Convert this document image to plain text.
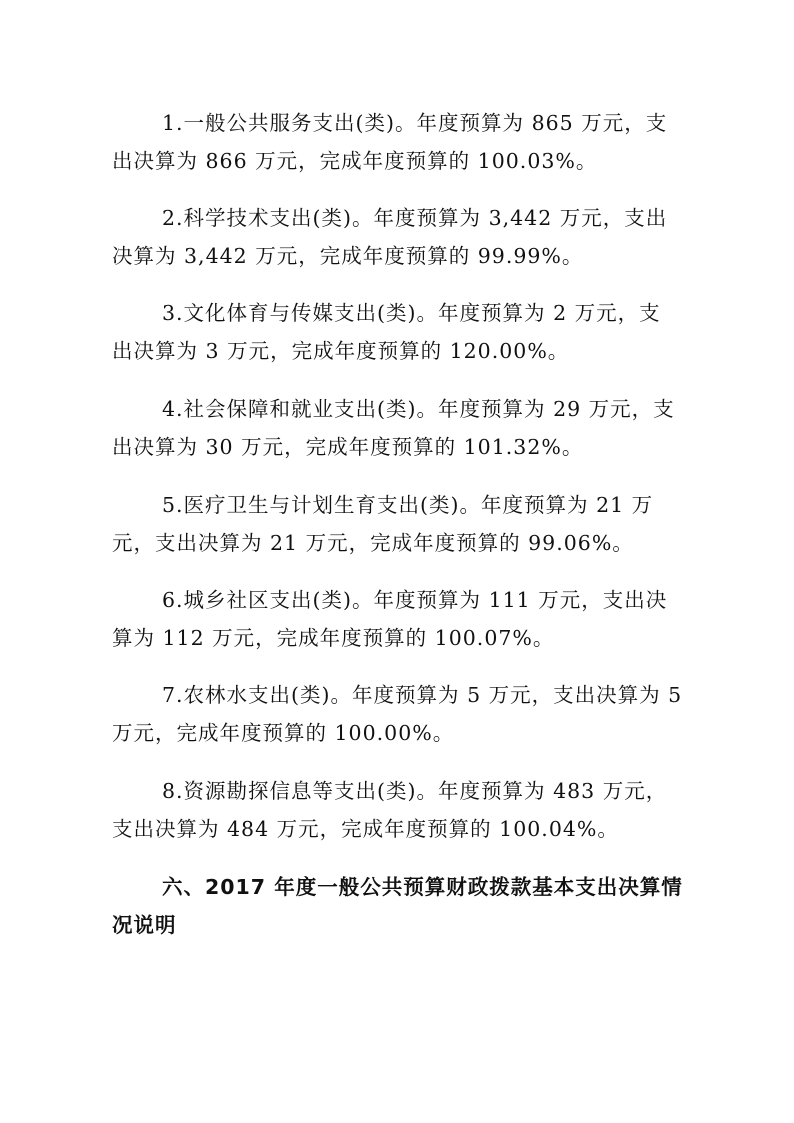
1.一般公共服务支出(类)。年度预算为 865 万元，支
出决算为 866 万元，完成年度预算的 100.03%。
2.科学技术支出(类)。年度预算为 3,442 万元，支出
决算为 3,442 万元，完成年度预算的 99.99%。
3.文化体育与传媒支出(类)。年度预算为 2 万元，支
出决算为 3 万元，完成年度预算的 120.00%。
4.社会保障和就业支出(类)。年度预算为 29 万元，支
出决算为 30 万元，完成年度预算的 101.32%。
5.医疗卫生与计划生育支出(类)。年度预算为 21 万
元，支出决算为 21 万元，完成年度预算的 99.06%。
6.城乡社区支出(类)。年度预算为 111 万元，支出决
算为 112 万元，完成年度预算的 100.07%。
7.农林水支出(类)。年度预算为 5 万元，支出决算为 5
万元，完成年度预算的 100.00%。
8.资源勘探信息等支出(类)。年度预算为 483 万元，
支出决算为 484 万元，完成年度预算的 100.04%。
六、2017 年度一般公共预算财政拨款基本支出决算情
况说明
